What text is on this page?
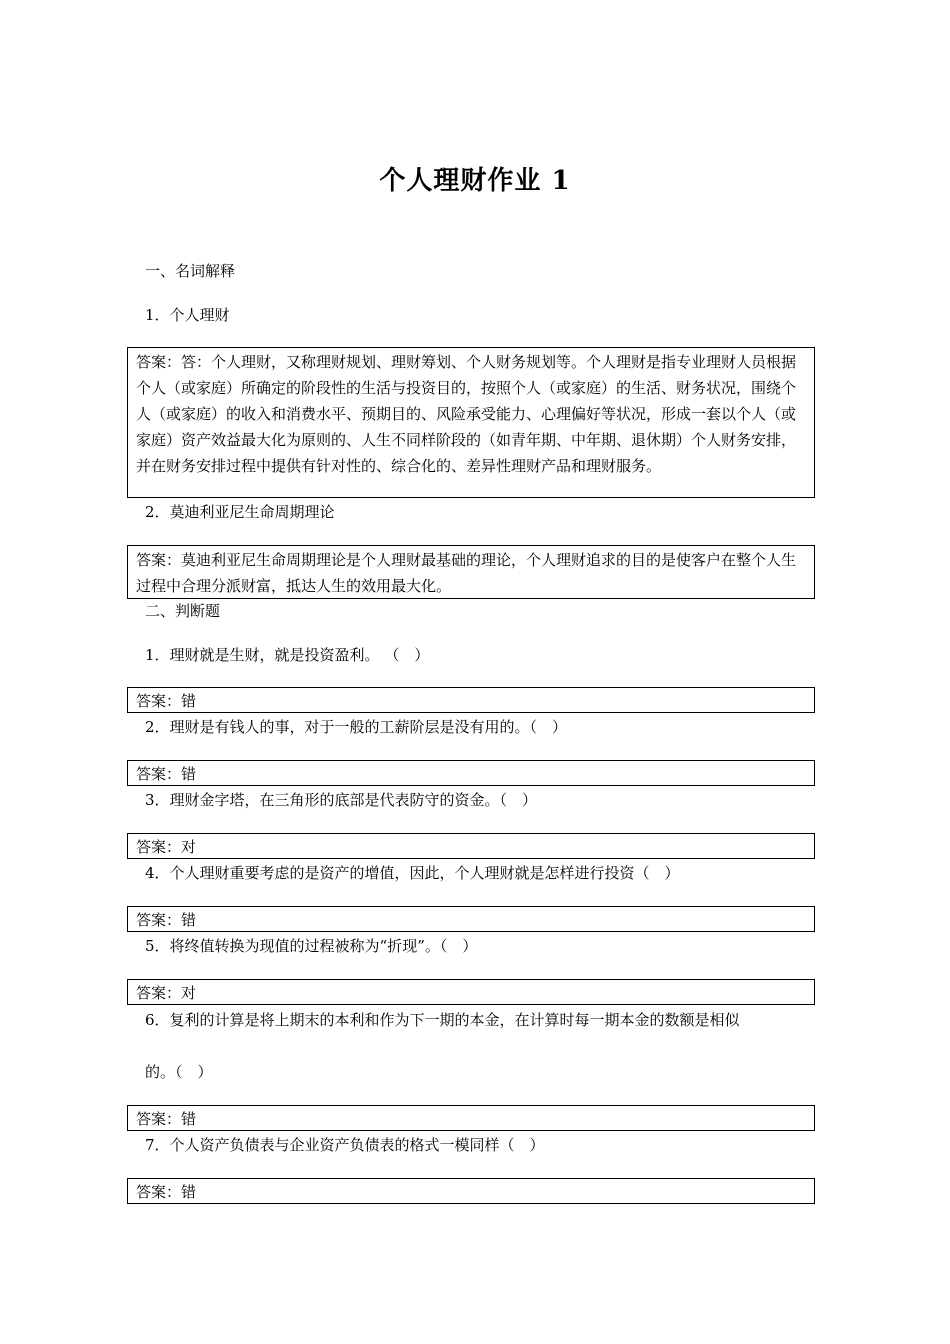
个人理财作业 1
一、名词解释
1．个人理财
答案：答：个人理财，又称理财规划、理财筹划、个人财务规划等。个人理财是指专业理财人员根据个人（或家庭）所确定的阶段性的生活与投资目的，按照个人（或家庭）的生活、财务状况，围绕个人（或家庭）的收入和消费水平、预期目的、风险承受能力、心理偏好等状况，形成一套以个人（或家庭）资产效益最大化为原则的、人生不同样阶段的（如青年期、中年期、退休期）个人财务安排，并在财务安排过程中提供有针对性的、综合化的、差异性理财产品和理财服务。
2．莫迪利亚尼生命周期理论
答案：莫迪利亚尼生命周期理论是个人理财最基础的理论，个人理财追求的目的是使客户在整个人生过程中合理分派财富，抵达人生的效用最大化。
二、判断题
1．理财就是生财，就是投资盈利。 （　）
答案：错
2．理财是有钱人的事，对于一般的工薪阶层是没有用的。（　）
答案：错
3．理财金字塔，在三角形的底部是代表防守的资金。（　）
答案：对
4．个人理财重要考虑的是资产的增值，因此，个人理财就是怎样进行投资（　）
答案：错
5．将终值转换为现值的过程被称为“折现”。（　）
答案：对
6．复利的计算是将上期末的本利和作为下一期的本金，在计算时每一期本金的数额是相似
的。（　）
答案：错
7．个人资产负债表与企业资产负债表的格式一模同样（　）
答案：错
